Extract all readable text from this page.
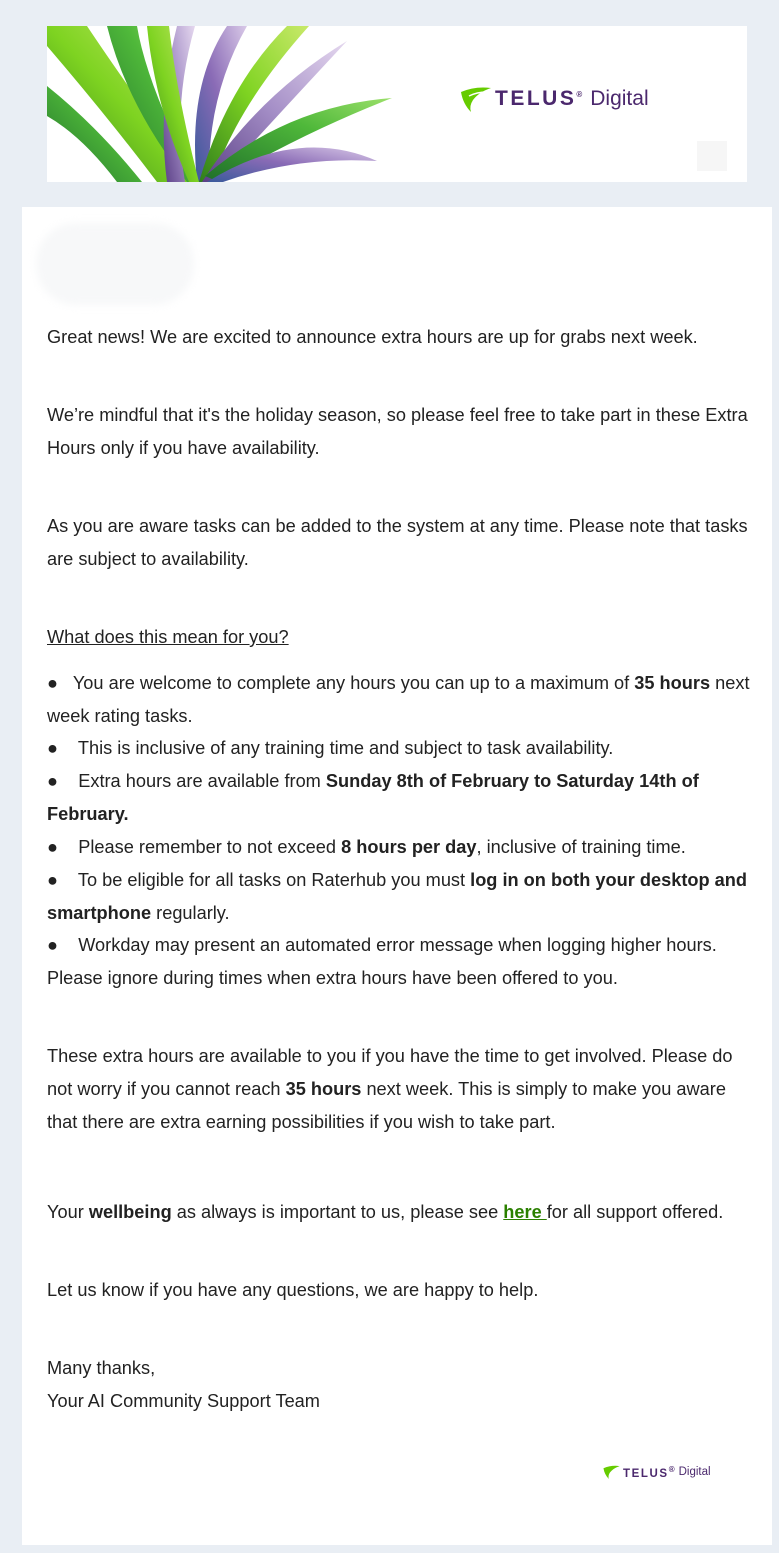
TELUS® Digital

Great news! We are excited to announce extra hours are up for grabs next week.

We’re mindful that it's the holiday season, so please feel free to take part in these Extra Hours only if you have availability.

As you are aware tasks can be added to the system at any time. Please note that tasks are subject to availability.

What does this mean for you?

● You are welcome to complete any hours you can up to a maximum of 35 hours next week rating tasks.

● This is inclusive of any training time and subject to task availability.

● Extra hours are available from Sunday 8th of February to Saturday 14th of February.

● Please remember to not exceed 8 hours per day, inclusive of training time.

● To be eligible for all tasks on Raterhub you must log in on both your desktop and smartphone regularly.

● Workday may present an automated error message when logging higher hours. Please ignore during times when extra hours have been offered to you.

These extra hours are available to you if you have the time to get involved. Please do not worry if you cannot reach 35 hours next week. This is simply to make you aware that there are extra earning possibilities if you wish to take part.

Your wellbeing as always is important to us, please see here for all support offered.

Let us know if you have any questions, we are happy to help.

Many thanks,

Your AI Community Support Team

TELUS® Digital
